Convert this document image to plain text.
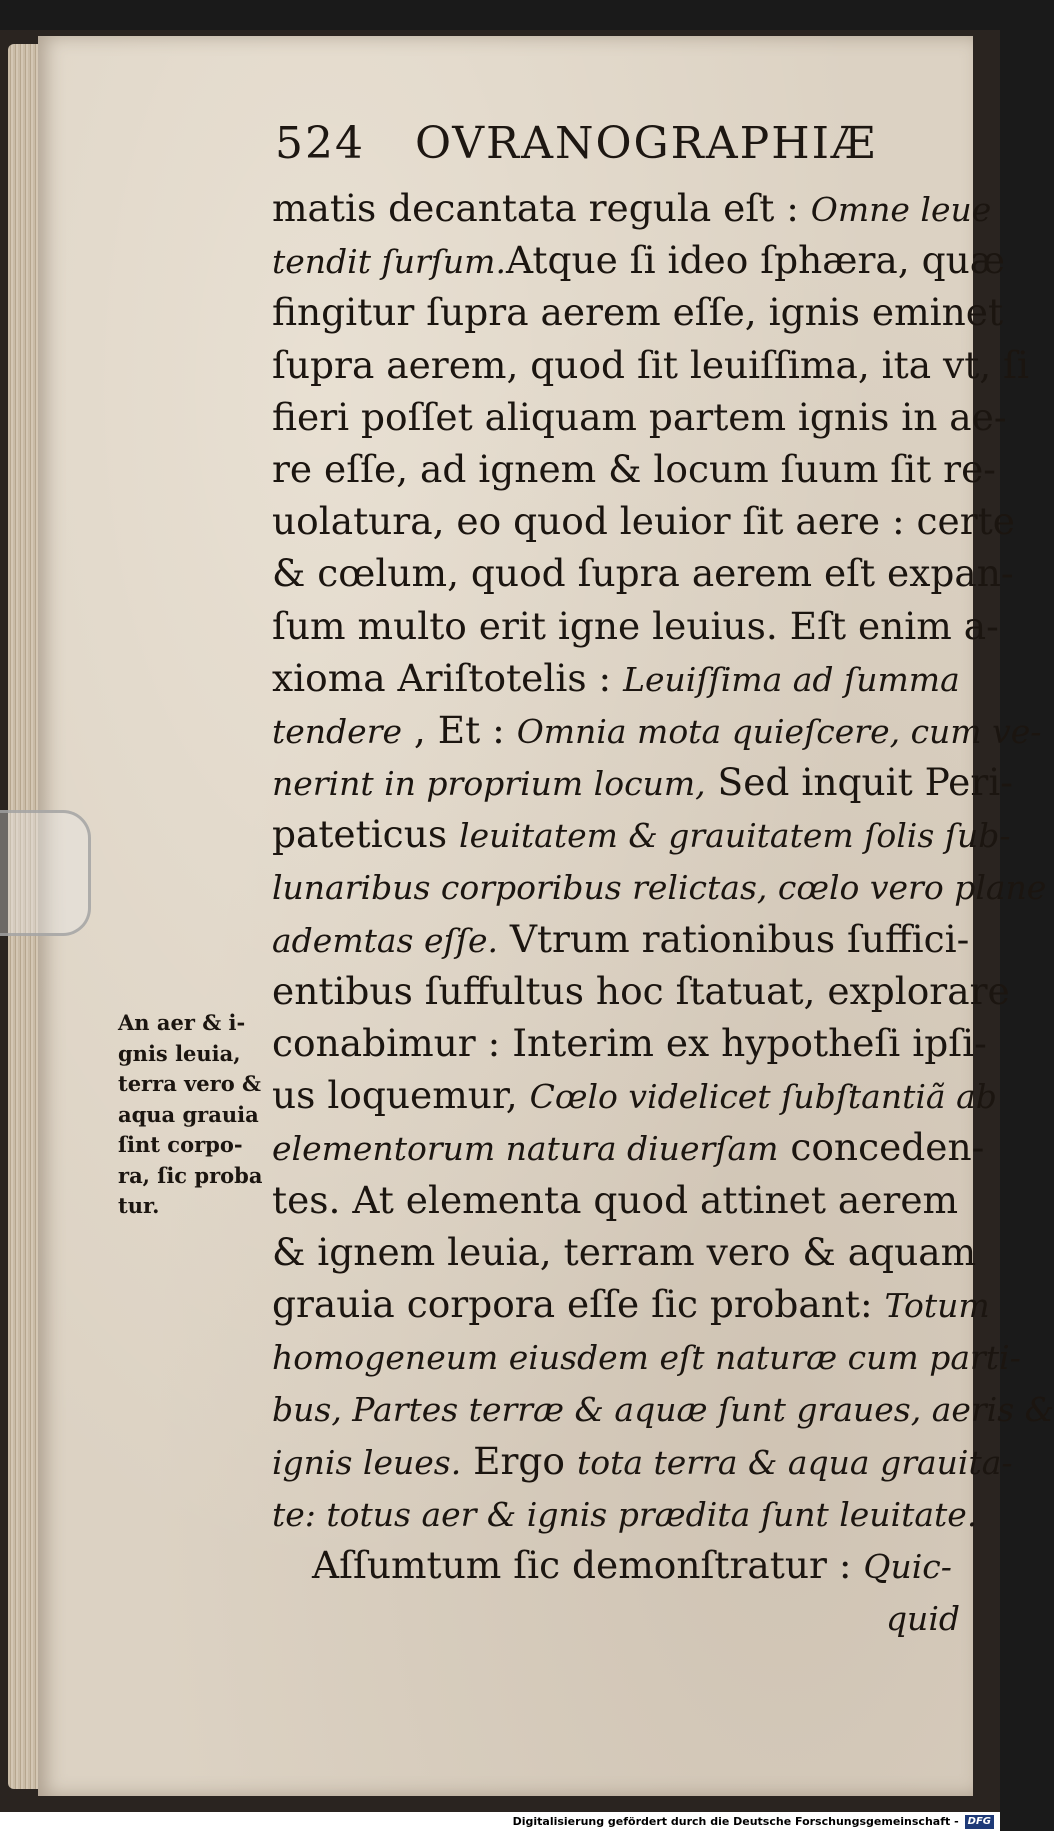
524 OVRANOGRAPHIÆ
matis decantata regula eſt : Omne leue
tendit ſurſum.Atque ſi ideo ſphæra, quæ
fingitur ſupra aerem eſſe, ignis eminet
ſupra aerem, quod ſit leuiſſima, ita vt, ſi
fieri poſſet aliquam partem ignis in ae-
re eſſe, ad ignem & locum ſuum ſit re-
uolatura, eo quod leuior ſit aere : certe
& cœlum, quod ſupra aerem eſt expan-
ſum multo erit igne leuius. Eſt enim a-
xioma Ariſtotelis : Leuiſſima ad ſumma
tendere , Et : Omnia mota quieſcere, cum ve-
nerint in proprium locum, Sed inquit Peri-
pateticus leuitatem & grauitatem ſolis ſub-
lunaribus corporibus relictas, cœlo vero plane
ademtas eſſe. Vtrum rationibus ſuffici-
entibus ſuffultus hoc ſtatuat, explorare
conabimur : Interim ex hypotheſi ipſi-
us loquemur, Cœlo videlicet ſubſtantiã ab
elementorum natura diuerſam conceden-
tes. At elementa quod attinet aerem
& ignem leuia, terram vero & aquam
grauia corpora eſſe ſic probant: Totum
homogeneum eiusdem eſt naturæ cum parti-
bus, Partes terræ & aquæ ſunt graues, aeris &
ignis leues. Ergo tota terra & aqua grauita-
te: totus aer & ignis prædita ſunt leuitate.
Aſſumtum ſic demonſtratur : Quic-
quid
An aer & i-
gnis leuia,
terra vero &
aqua grauia
ſint corpo-
ra, ſic proba
tur.
Digitalisierung gefördert durch die Deutsche Forschungsgemeinschaft - DFG
